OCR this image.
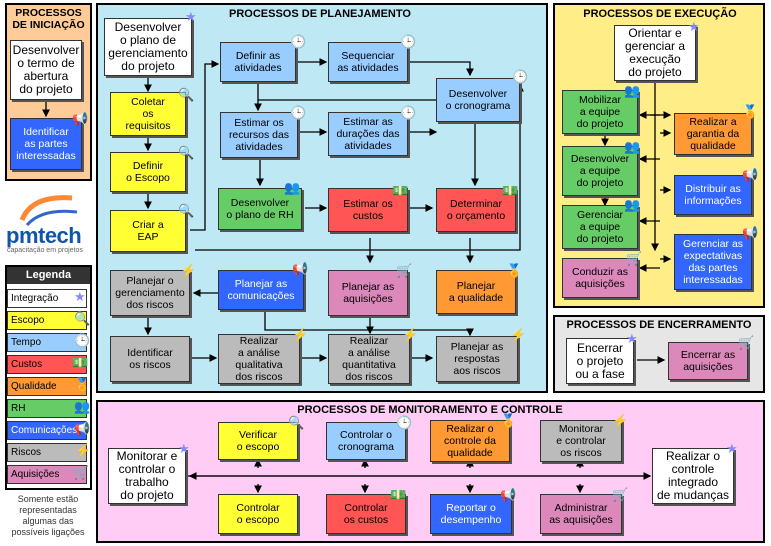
PROCESSOS DE INICIAÇÃO
PROCESSOS DE PLANEJAMENTO	PROCESSOS DE EXECUÇÃO
PROCESSOS DE ENCERRAMENTO
PROCESSOS DE MONITORAMENTO E CONTROLE
Desenvolver
o termo de
abertura
do projeto
Identificar
as partes
interessadas
📢
pmtech
capacitação em projetos
Legenda
Integração
Escopo
Tempo
Custos
Qualidade
RH
Comunicações
Riscos
Aquisições
★
🔍
🕒
💵
🏅
👥
📢
⚡
🛒
Somente estão
representadas
algumas das
possíveis ligações
Desenvolver
o plano de
gerenciamento
do projeto
★
Coletar
os
requisitos
🔍
Definir
o Escopo
🔍
Criar a
EAP
🔍
Definir as
atividades
🕒
Sequenciar
as atividades
🕒
Desenvolver
o cronograma
🕒
Estimar os
recursos das
atividades
🕒
Estimar as
durações das
atividades
🕒
Desenvolver
o plano de RH
👥
Estimar os
custos
💵
Determinar
o orçamento
💵
Planejar o
gerenciamento
dos riscos
⚡
Planejar as
comunicações
📢
Planejar as
aquisições
🛒
Planejar
a qualidade
🏅
Identificar
os riscos
Realizar
a análise
qualitativa
dos riscos
⚡	Realizar
a análise
quantitativa
dos riscos
⚡
Planejar as
respostas
aos riscos
⚡
Orientar e
gerenciar a
execução
do projeto
★
Mobilizar
a equipe
do projeto
👥
Desenvolver
a equipe
do projeto
👥
Gerenciar
a equipe
do projeto
👥
Conduzir as
aquisições
🛒
Realizar a
garantia da
qualidade
🏅
Distribuir as
informações
📢
Gerenciar as
expectativas
das partes
interessadas
📢
Encerrar
o projeto
ou a fase
★
Encerrar as
aquisições
🛒
Monitorar e
controlar o
trabalho
do projeto
★	Realizar o
controle
integrado
de mudanças
★
Verificar
o escopo
🔍
Controlar o
cronograma
🕒	Realizar o
controle da
qualidade
🏅
Monitorar
e controlar
os riscos
⚡
Controlar
o escopo
Controlar
os custos
💵
Reportar o
desempenho
📢
Administrar
as aquisições
🛒
